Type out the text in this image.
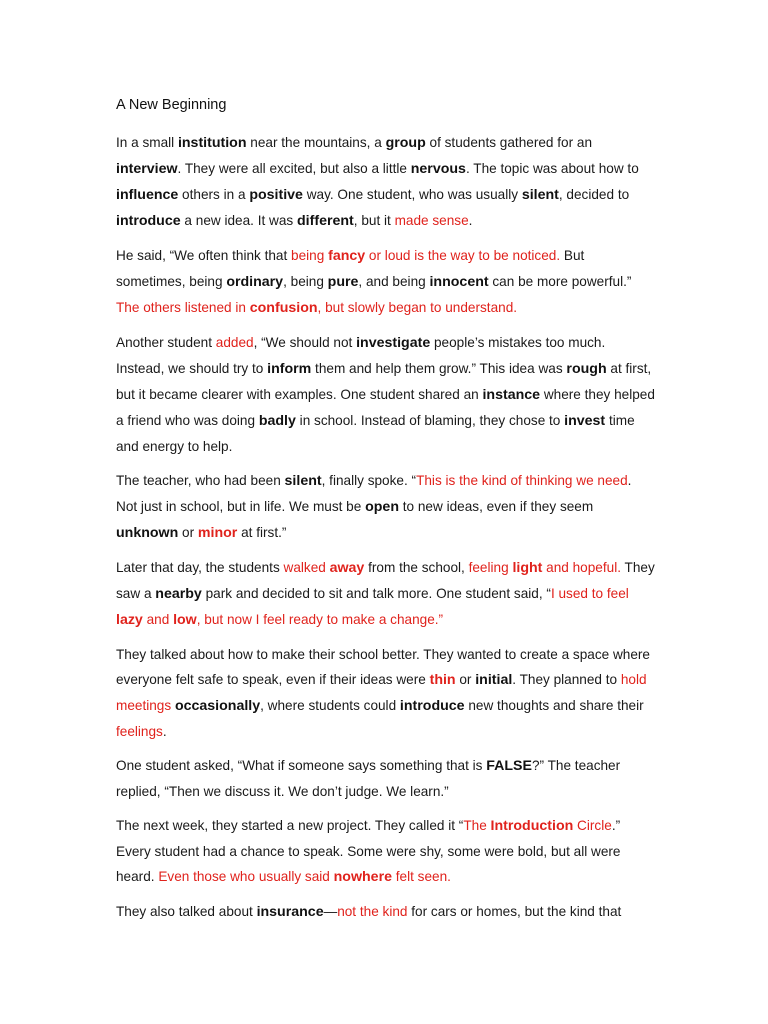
A New Beginning

In a small institution near the mountains, a group of students gathered for an interview. They were all excited, but also a little nervous. The topic was about how to influence others in a positive way. One student, who was usually silent, decided to introduce a new idea. It was different, but it made sense.

He said, “We often think that being fancy or loud is the way to be noticed. But sometimes, being ordinary, being pure, and being innocent can be more powerful.” The others listened in confusion, but slowly began to understand.

Another student added, “We should not investigate people’s mistakes too much. Instead, we should try to inform them and help them grow.” This idea was rough at first, but it became clearer with examples. One student shared an instance where they helped a friend who was doing badly in school. Instead of blaming, they chose to invest time and energy to help.

The teacher, who had been silent, finally spoke. “This is the kind of thinking we need. Not just in school, but in life. We must be open to new ideas, even if they seem unknown or minor at first.”

Later that day, the students walked away from the school, feeling light and hopeful. They saw a nearby park and decided to sit and talk more. One student said, “I used to feel lazy and low, but now I feel ready to make a change.”

They talked about how to make their school better. They wanted to create a space where everyone felt safe to speak, even if their ideas were thin or initial. They planned to hold meetings occasionally, where students could introduce new thoughts and share their feelings.

One student asked, “What if someone says something that is FALSE?” The teacher replied, “Then we discuss it. We don’t judge. We learn.”

The next week, they started a new project. They called it “The Introduction Circle.” Every student had a chance to speak. Some were shy, some were bold, but all were heard. Even those who usually said nowhere felt seen.

They also talked about insurance—not the kind for cars or homes, but the kind that
